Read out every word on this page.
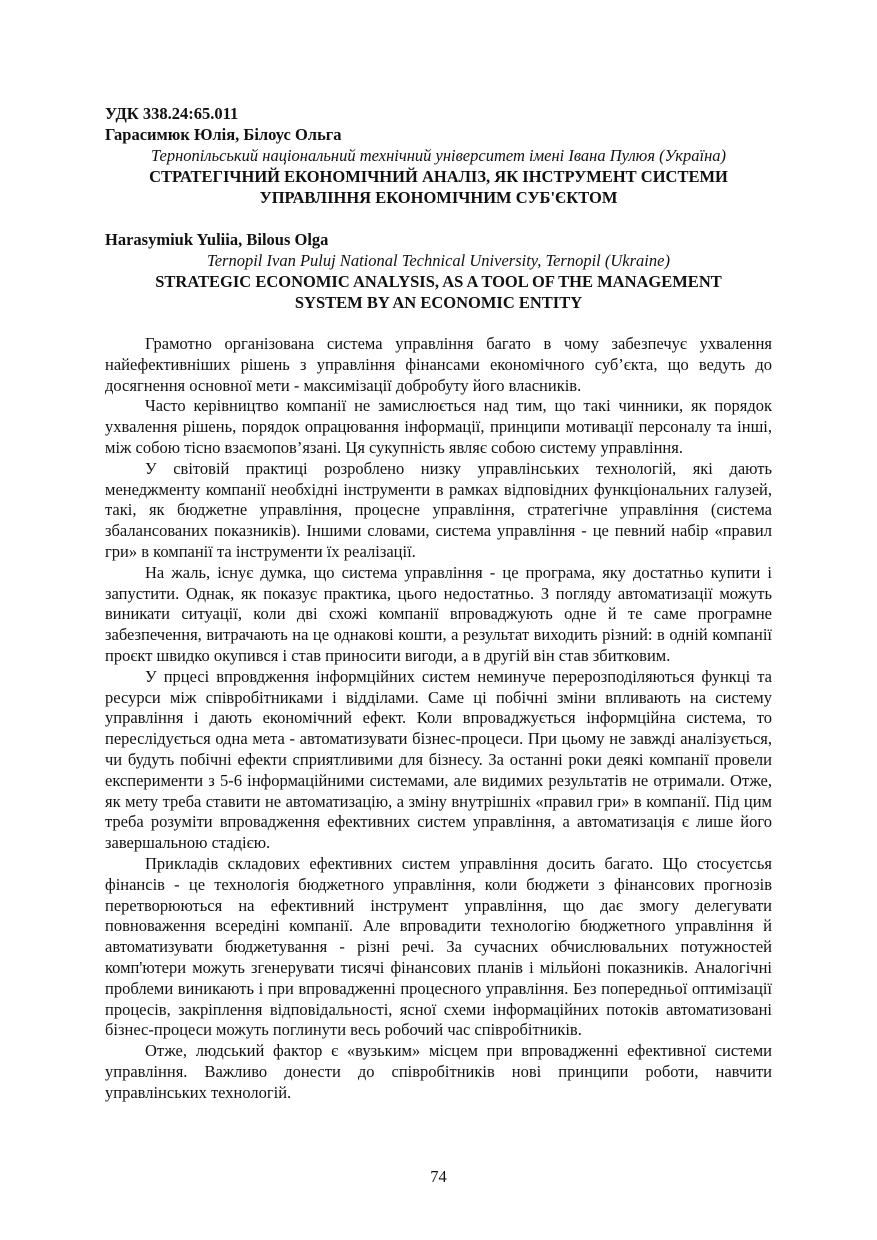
УДК 338.24:65.011

Гарасимюк Юлія, Білоус Ольга

Тернопільський національний технічний університет імені Івана Пулюя (Україна)

СТРАТЕГІЧНИЙ ЕКОНОМІЧНИЙ АНАЛІЗ, ЯК ІНСТРУМЕНТ СИСТЕМИ

УПРАВЛІННЯ ЕКОНОМІЧНИМ СУБ'ЄКТОМ

Harasymiuk Yuliia, Bilous Olga

Ternopil Ivan Puluj National Technical University, Ternopil (Ukraine)

STRATEGIC ECONOMIC ANALYSIS, AS A TOOL OF THE MANAGEMENT

SYSTEM BY AN ECONOMIC ENTITY

Грамотно організована система управління багато в чому забезпечує ухвалення найефективніших рішень з управління фінансами економічного суб’єкта, що ведуть до досягнення основної мети - максимізації добробуту його власників.

Часто керівництво компанії не замислюється над тим, що такі чинники, як порядок ухвалення рішень, порядок опрацювання інформації, принципи мотивації персоналу та інші, між собою тісно взаємопов’язані. Ця сукупність являє собою систему управління.

У світовій практиці розроблено низку управлінських технологій, які дають менеджменту компанії необхідні інструменти в рамках відповідних функціональних галузей, такі, як бюджетне управління, процесне управління, стратегічне управління (система збалансованих показників). Іншими словами, система управління - це певний набір «правил гри» в компанії та інструменти їх реалізації.

На жаль, існує думка, що система управління - це програма, яку достатньо купити і запустити. Однак, як показує практика, цього недостатньо. З погляду автоматизації можуть виникати ситуації, коли дві схожі компанії впроваджують одне й те саме програмне забезпечення, витрачають на це однакові кошти, а результат виходить різний: в одній компанії проєкт швидко окупився і став приносити вигоди, а в другій він став збитковим.

У прцесі впровдження інформційних систем неминуче перерозподіляються функці та ресурси між співробітниками і відділами. Саме ці побічні зміни впливають на систему управління і дають економічний ефект. Коли впроваджується інформційна система, то переслідується одна мета - автоматизувати бізнес-процеси. При цьому не завжді аналізується, чи будуть побічні ефекти сприятливими для бізнесу. За останні роки деякі компанії провели експерименти з 5-6 інформаційними системами, але видимих результатів не отримали. Отже, як мету треба ставити не автоматизацію, а зміну внутрішніх «правил гри» в компанії. Під цим треба розуміти впровадження ефективних систем управління, а автоматизація є лише його завершальною стадією.

Прикладів складових ефективних систем управління досить багато. Що стосуєтсья фінансів - це технологія бюджетного управління, коли бюджети з фінансових прогнозів перетворюються на ефективний інструмент управління, що дає змогу делегувати повноваження всередіні компанії. Але впровадити технологію бюджетного управління й автоматизувати бюджетування - різні речі. За сучасних обчислювальних потужностей комп'ютери можуть згенерувати тисячі фінансових планів і мільйоні показників. Аналогічні проблеми виникають і при впровадженні процесного управління. Без попередньої оптимізації процесів, закріплення відповідальності, ясної схеми інформаційних потоків автоматизовані бізнес-процеси можуть поглинути весь робочий час співробітників.

Отже, людський фактор є «вузьким» місцем при впровадженні ефективної системи управління. Важливо донести до співробітників нові принципи роботи, навчити управлінських технологій.

74
